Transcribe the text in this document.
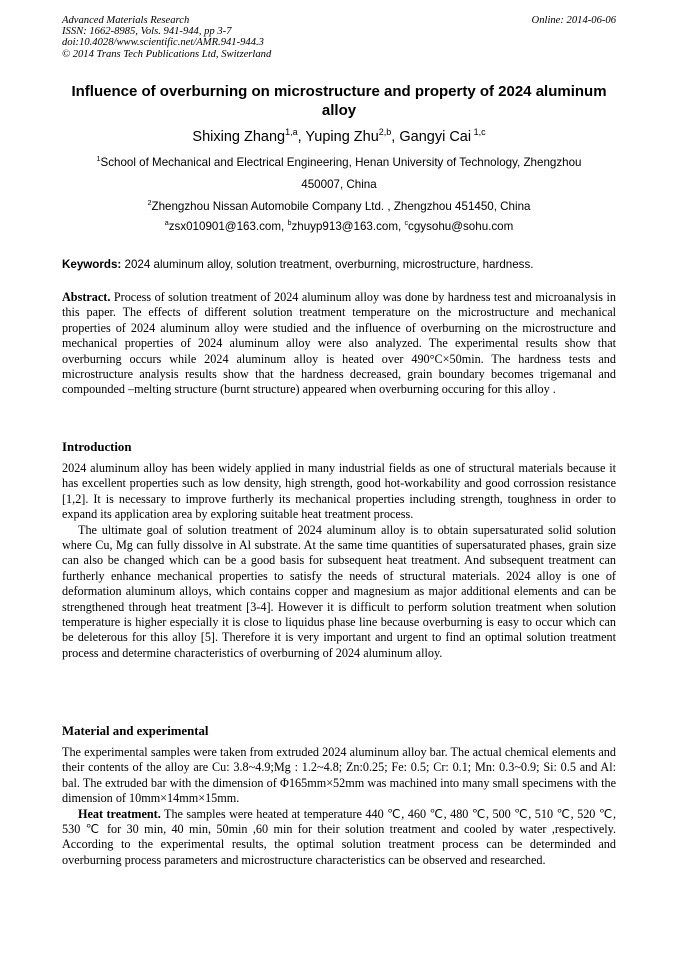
Advanced Materials Research
ISSN: 1662-8985, Vols. 941-944, pp 3-7
doi:10.4028/www.scientific.net/AMR.941-944.3
© 2014 Trans Tech Publications Ltd, Switzerland
Online: 2014-06-06
Influence of overburning on microstructure and property of 2024 aluminum alloy
Shixing Zhang$^{1,a}$, Yuping Zhu$^{2,b}$, Gangyi Cai $^{1,c}$
$^1$School of Mechanical and Electrical Engineering, Henan University of Technology, Zhengzhou
450007, China
$^2$Zhengzhou Nissan Automobile Company Ltd. , Zhengzhou 451450, China
$^a$zsx010901@163.com, $^b$zhuyp913@163.com, $^c$cgysohu@sohu.com
Keywords: 2024 aluminum alloy, solution treatment, overburning, microstructure, hardness.

Abstract. Process of solution treatment of 2024 aluminum alloy was done by hardness test and microanalysis in this paper. The effects of different solution treatment temperature on the microstructure and mechanical properties of 2024 aluminum alloy were studied and the influence of overburning on the microstructure and mechanical properties of 2024 aluminum alloy were also analyzed. The experimental results show that overburning occurs while 2024 aluminum alloy is heated over 490°C×50min. The hardness tests and microstructure analysis results show that the hardness decreased, grain boundary becomes trigemanal and compounded –melting structure (burnt structure) appeared when overburning occuring for this alloy .

Introduction

2024 aluminum alloy has been widely applied in many industrial fields as one of structural materials because it has excellent properties such as low density, high strength, good hot-workability and good corrossion resistance [1,2]. It is necessary to improve furtherly its mechanical properties including strength, toughness in order to expand its application area by exploring suitable heat treatment process.

The ultimate goal of solution treatment of 2024 aluminum alloy is to obtain supersaturated solid solution where Cu, Mg can fully dissolve in Al substrate. At the same time quantities of supersaturated phases, grain size can also be changed which can be a good basis for subsequent heat treatment. And subsequent treatment can furtherly enhance mechanical properties to satisfy the needs of structural materials. 2024 alloy is one of deformation aluminum alloys, which contains copper and magnesium as major additional elements and can be strengthened through heat treatment [3-4]. However it is difficult to perform solution treatment when solution temperature is higher especially it is close to liquidus phase line because overburning is easy to occur which can be deleterous for this alloy [5]. Therefore it is very important and urgent to find an optimal solution treatment process and determine characteristics of overburning of 2024 aluminum alloy.

Material and experimental

The experimental samples were taken from extruded 2024 aluminum alloy bar. The actual chemical elements and their contents of the alloy are Cu: 3.8~4.9;Mg : 1.2~4.8; Zn:0.25; Fe: 0.5; Cr: 0.1; Mn: 0.3~0.9; Si: 0.5 and Al: bal. The extruded bar with the dimension of Φ165mm×52mm was machined into many small specimens with the dimension of 10mm×14mm×15mm.

Heat treatment. The samples were heated at temperature 440 ℃, 460 ℃, 480 ℃, 500 ℃, 510 ℃, 520 ℃, 530 ℃ for 30 min, 40 min, 50min ,60 min for their solution treatment and cooled by water ,respectively. According to the experimental results, the optimal solution treatment process can be determinded and overburning process parameters and microstructure characteristics can be observed and researched.
